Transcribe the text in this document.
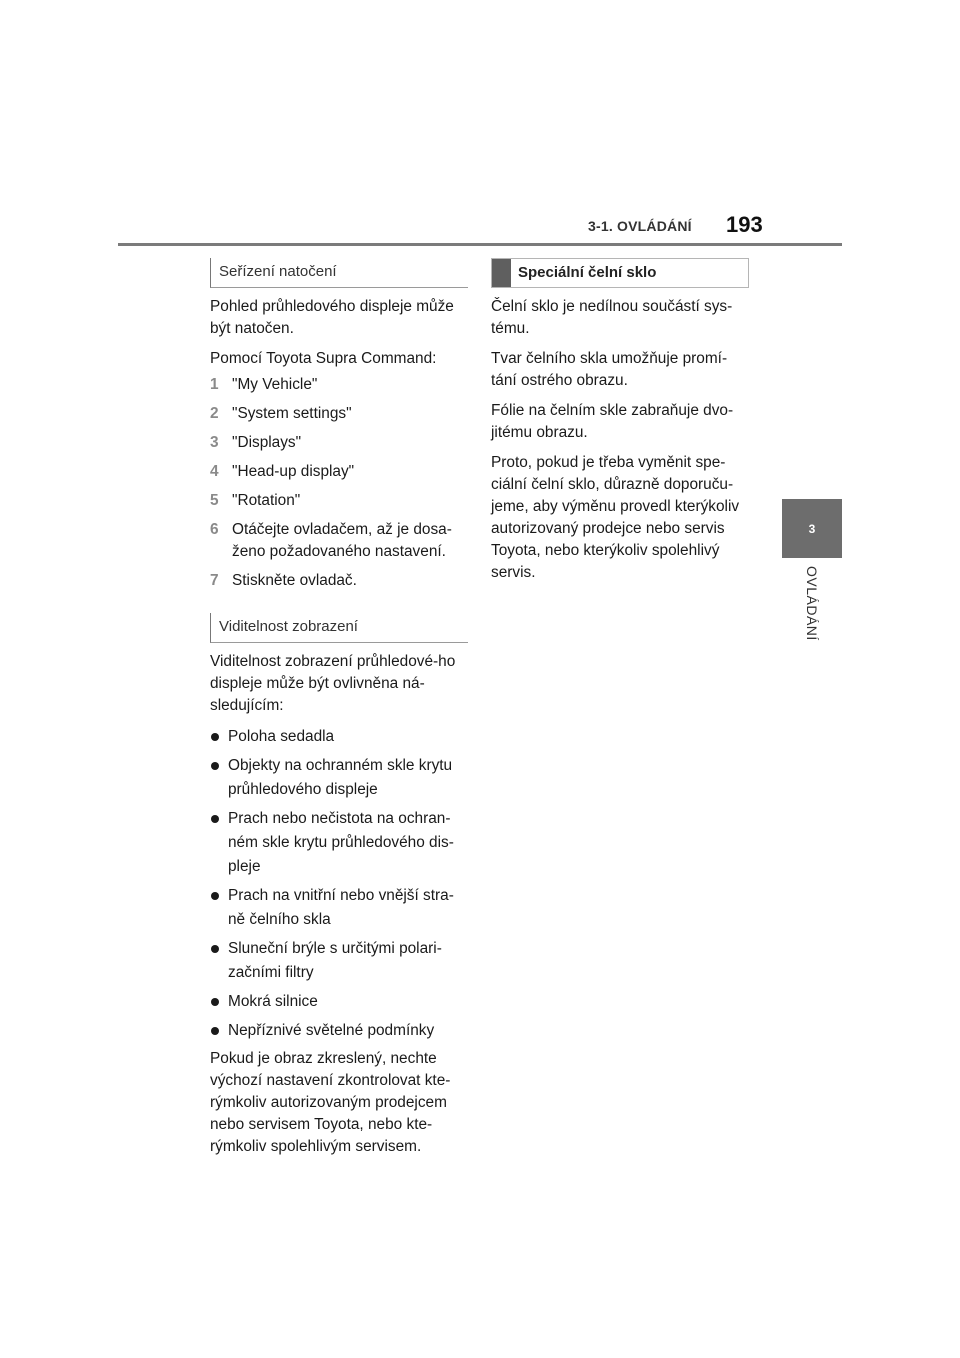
3-1. OVLÁDÁNÍ	193
3
OVLÁDÁNÍ
Seřízení natočení

Pohled průhledového displeje může být natočen.

Pomocí Toyota Supra Command:

1 "My Vehicle"
2 "System settings"
3 "Displays"
4 "Head-up display"
5 "Rotation"
6 Otáčejte ovladačem, až je dosa-ženo požadovaného nastavení.
7 Stiskněte ovladač.
Viditelnost zobrazení

Viditelnost zobrazení průhledové-ho displeje může být ovlivněna ná-sledujícím:

Poloha sedadla
Objekty na ochranném skle krytu průhledového displeje
Prach nebo nečistota na ochran-ném skle krytu průhledového dis-pleje
Prach na vnitřní nebo vnější stra-ně čelního skla
Sluneční brýle s určitými polari-začními filtry
Mokrá silnice
Nepříznivé světelné podmínky

Pokud je obraz zkreslený, nechte výchozí nastavení zkontrolovat kte-rýmkoliv autorizovaným prodejcem nebo servisem Toyota, nebo kte-rýmkoliv spolehlivým servisem.

Speciální čelní sklo

Čelní sklo je nedílnou součástí sys-tému.

Tvar čelního skla umožňuje promí-tání ostrého obrazu.

Fólie na čelním skle zabraňuje dvo-jitému obrazu.

Proto, pokud je třeba vyměnit spe-ciální čelní sklo, důrazně doporuču-jeme, aby výměnu provedl kterýkoliv autorizovaný prodejce nebo servis Toyota, nebo kterýkoliv spolehlivý servis.
